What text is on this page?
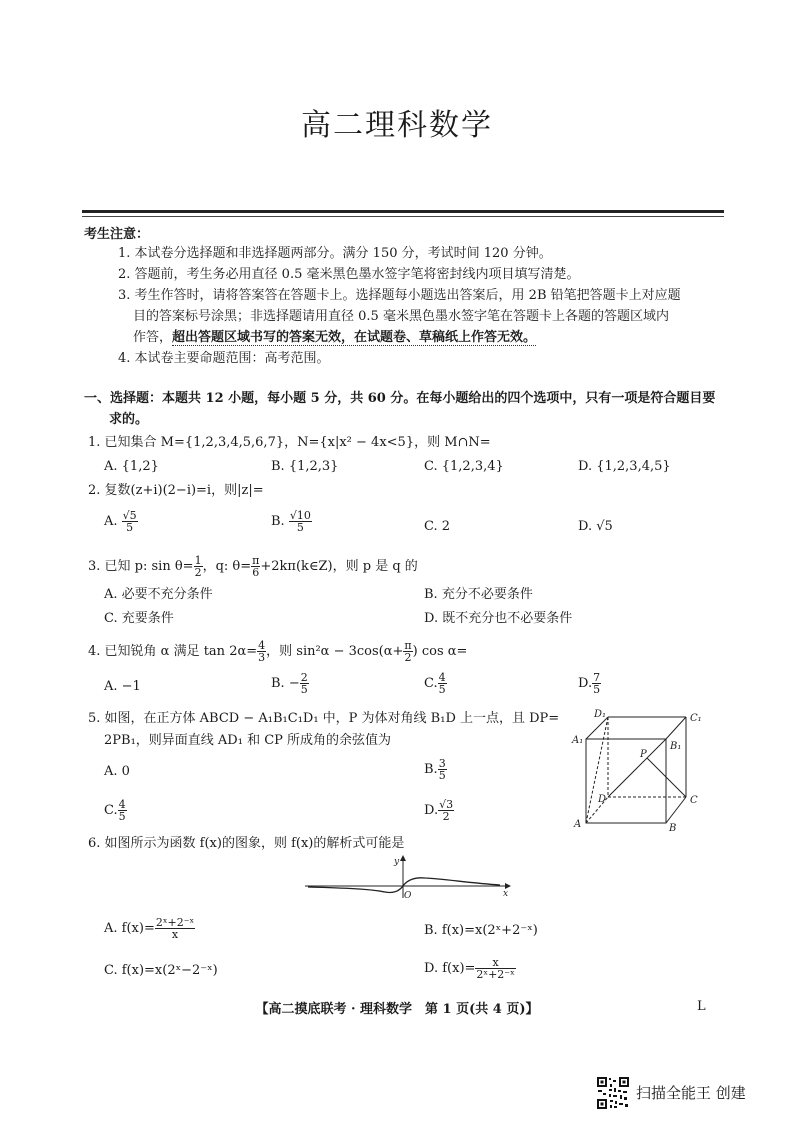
高二理科数学
考生注意：
1. 本试卷分选择题和非选择题两部分。满分 150 分，考试时间 120 分钟。
2. 答题前，考生务必用直径 0.5 毫米黑色墨水签字笔将密封线内项目填写清楚。
3. 考生作答时，请将答案答在答题卡上。选择题每小题选出答案后，用 2B 铅笔把答题卡上对应题
目的答案标号涂黑；非选择题请用直径 0.5 毫米黑色墨水签字笔在答题卡上各题的答题区域内
作答，超出答题区域书写的答案无效，在试题卷、草稿纸上作答无效。
4. 本试卷主要命题范围：高考范围。
一、选择题：本题共 12 小题，每小题 5 分，共 60 分。在每小题给出的四个选项中，只有一项是符合题目要
求的。
1. 已知集合 M={1,2,3,4,5,6,7}，N={x|x² − 4x<5}，则 M∩N=
A. {1,2}	B. {1,2,3}	C. {1,2,3,4}	D. {1,2,3,4,5}
2. 复数(z+i)(2−i)=i，则|z|=
A. $\frac{√5}{5}$	B. $\frac{√10}{5}$	C. 2	D. √5
3. 已知 p: $\sin \theta= \frac{1}{2}$ ，q: $\theta= \frac{\pi}{6}$ +2kπ(k∈Z)，则 p 是 q 的
A. 必要不充分条件	B. 充分不必要条件
C. 充要条件	D. 既不充分也不必要条件
4. 已知锐角 α 满足 $\tan 2\alpha= \frac{4}{3}$ ，则 $\sin^2\alpha - 3\cos(\alpha+ \frac{\pi}{2}$ ) cos α=
A. −1	B. − $\frac{2}{5}$	C. $\frac{4}{5}$	D. $\frac{7}{5}$
5. 如图，在正方体 ABCD − A₁B₁C₁D₁ 中，P 为体对角线 B₁D 上一点，且 DP=
2PB₁，则异面直线 AD₁ 和 CP 所成角的余弦值为
A. 0	B. $\frac{3}{5}$
C. $\frac{4}{5}$	D. $\frac{√3}{2}$
D₁	C₁
A₁
B₁
P
D	C
A	B
6. 如图所示为函数 f(x)的图象，则 f(x)的解析式可能是
y
x
O
A. $f(x)= \frac{\text{2ˣ+2⁻ˣ}}{x}$	B. f(x)=x(2ˣ+2⁻ˣ)
C. f(x)=x(2ˣ−2⁻ˣ)	D. $f(x)= \frac{x}{\text{2ˣ+2⁻ˣ}}$
【高二摸底联考 · 理科数学　第 1 页(共 4 页)】	L
扫描全能王 创建
